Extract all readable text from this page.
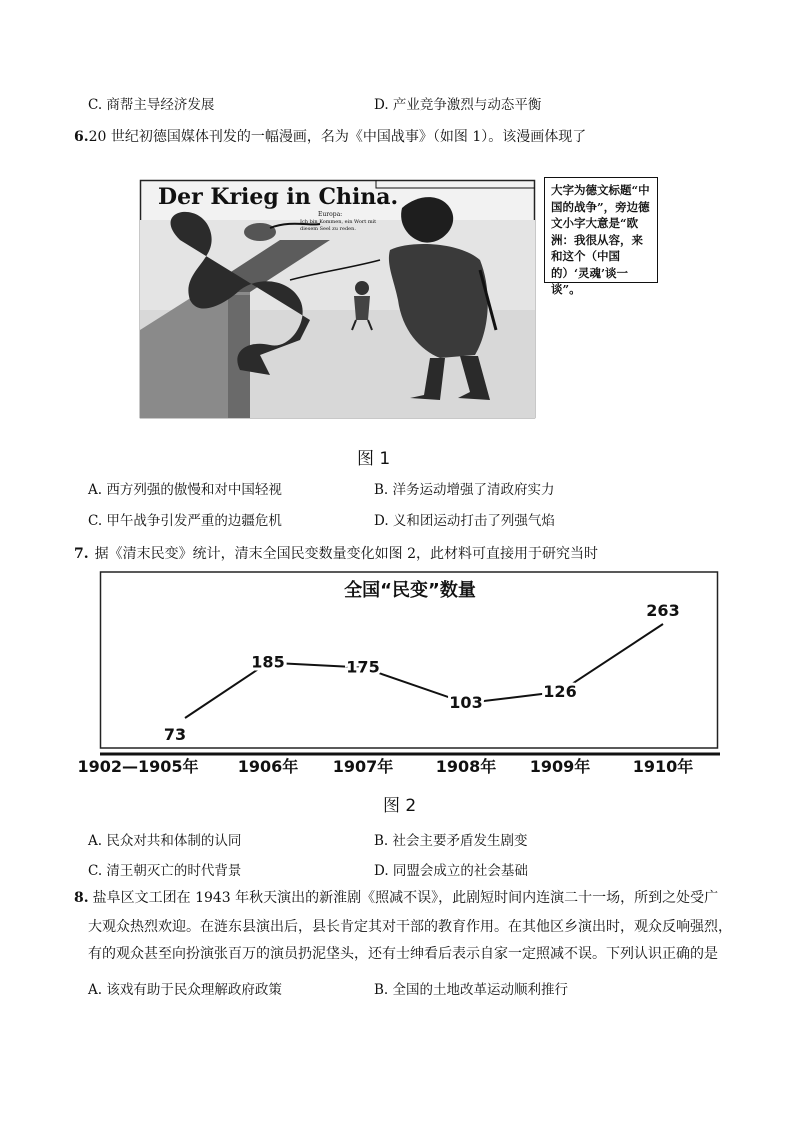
C. 商帮主导经济发展	D. 产业竞争激烈与动态平衡
6.20 世纪初德国媒体刊发的一幅漫画，名为《中国战事》（如图 1）。该漫画体现了
Der Krieg in China.
Europa:
Ich bin Kommen, ein Wort mit
diesem Seel zu reden.
大字为德文标题“中国的战争”，旁边德文小字大意是“欧洲：我很从容，来和这个（中国的）‘灵魂’谈一谈”。
图 1
A. 西方列强的傲慢和对中国轻视	B. 洋务运动增强了清政府实力
C. 甲午战争引发严重的边疆危机	D. 义和团运动打击了列强气焰
7. 据《清末民变》统计，清末全国民变数量变化如图 2，此材料可直接用于研究当时
全国“民变”数量
73
185	175
103
126
263
1902—1905年 1906年 1907年	1908年 1909年	1910年
图 2
A. 民众对共和体制的认同	B. 社会主要矛盾发生剧变
C. 清王朝灭亡的时代背景	D. 同盟会成立的社会基础
8. 盐阜区文工团在 1943 年秋天演出的新淮剧《照减不误》，此剧短时间内连演二十一场，所到之处受广
大观众热烈欢迎。在涟东县演出后，县长肯定其对干部的教育作用。在其他区乡演出时，观众反响强烈，
有的观众甚至向扮演张百万的演员扔泥垡头，还有士绅看后表示自家一定照减不误。下列认识正确的是
A. 该戏有助于民众理解政府政策	B. 全国的土地改革运动顺利推行
